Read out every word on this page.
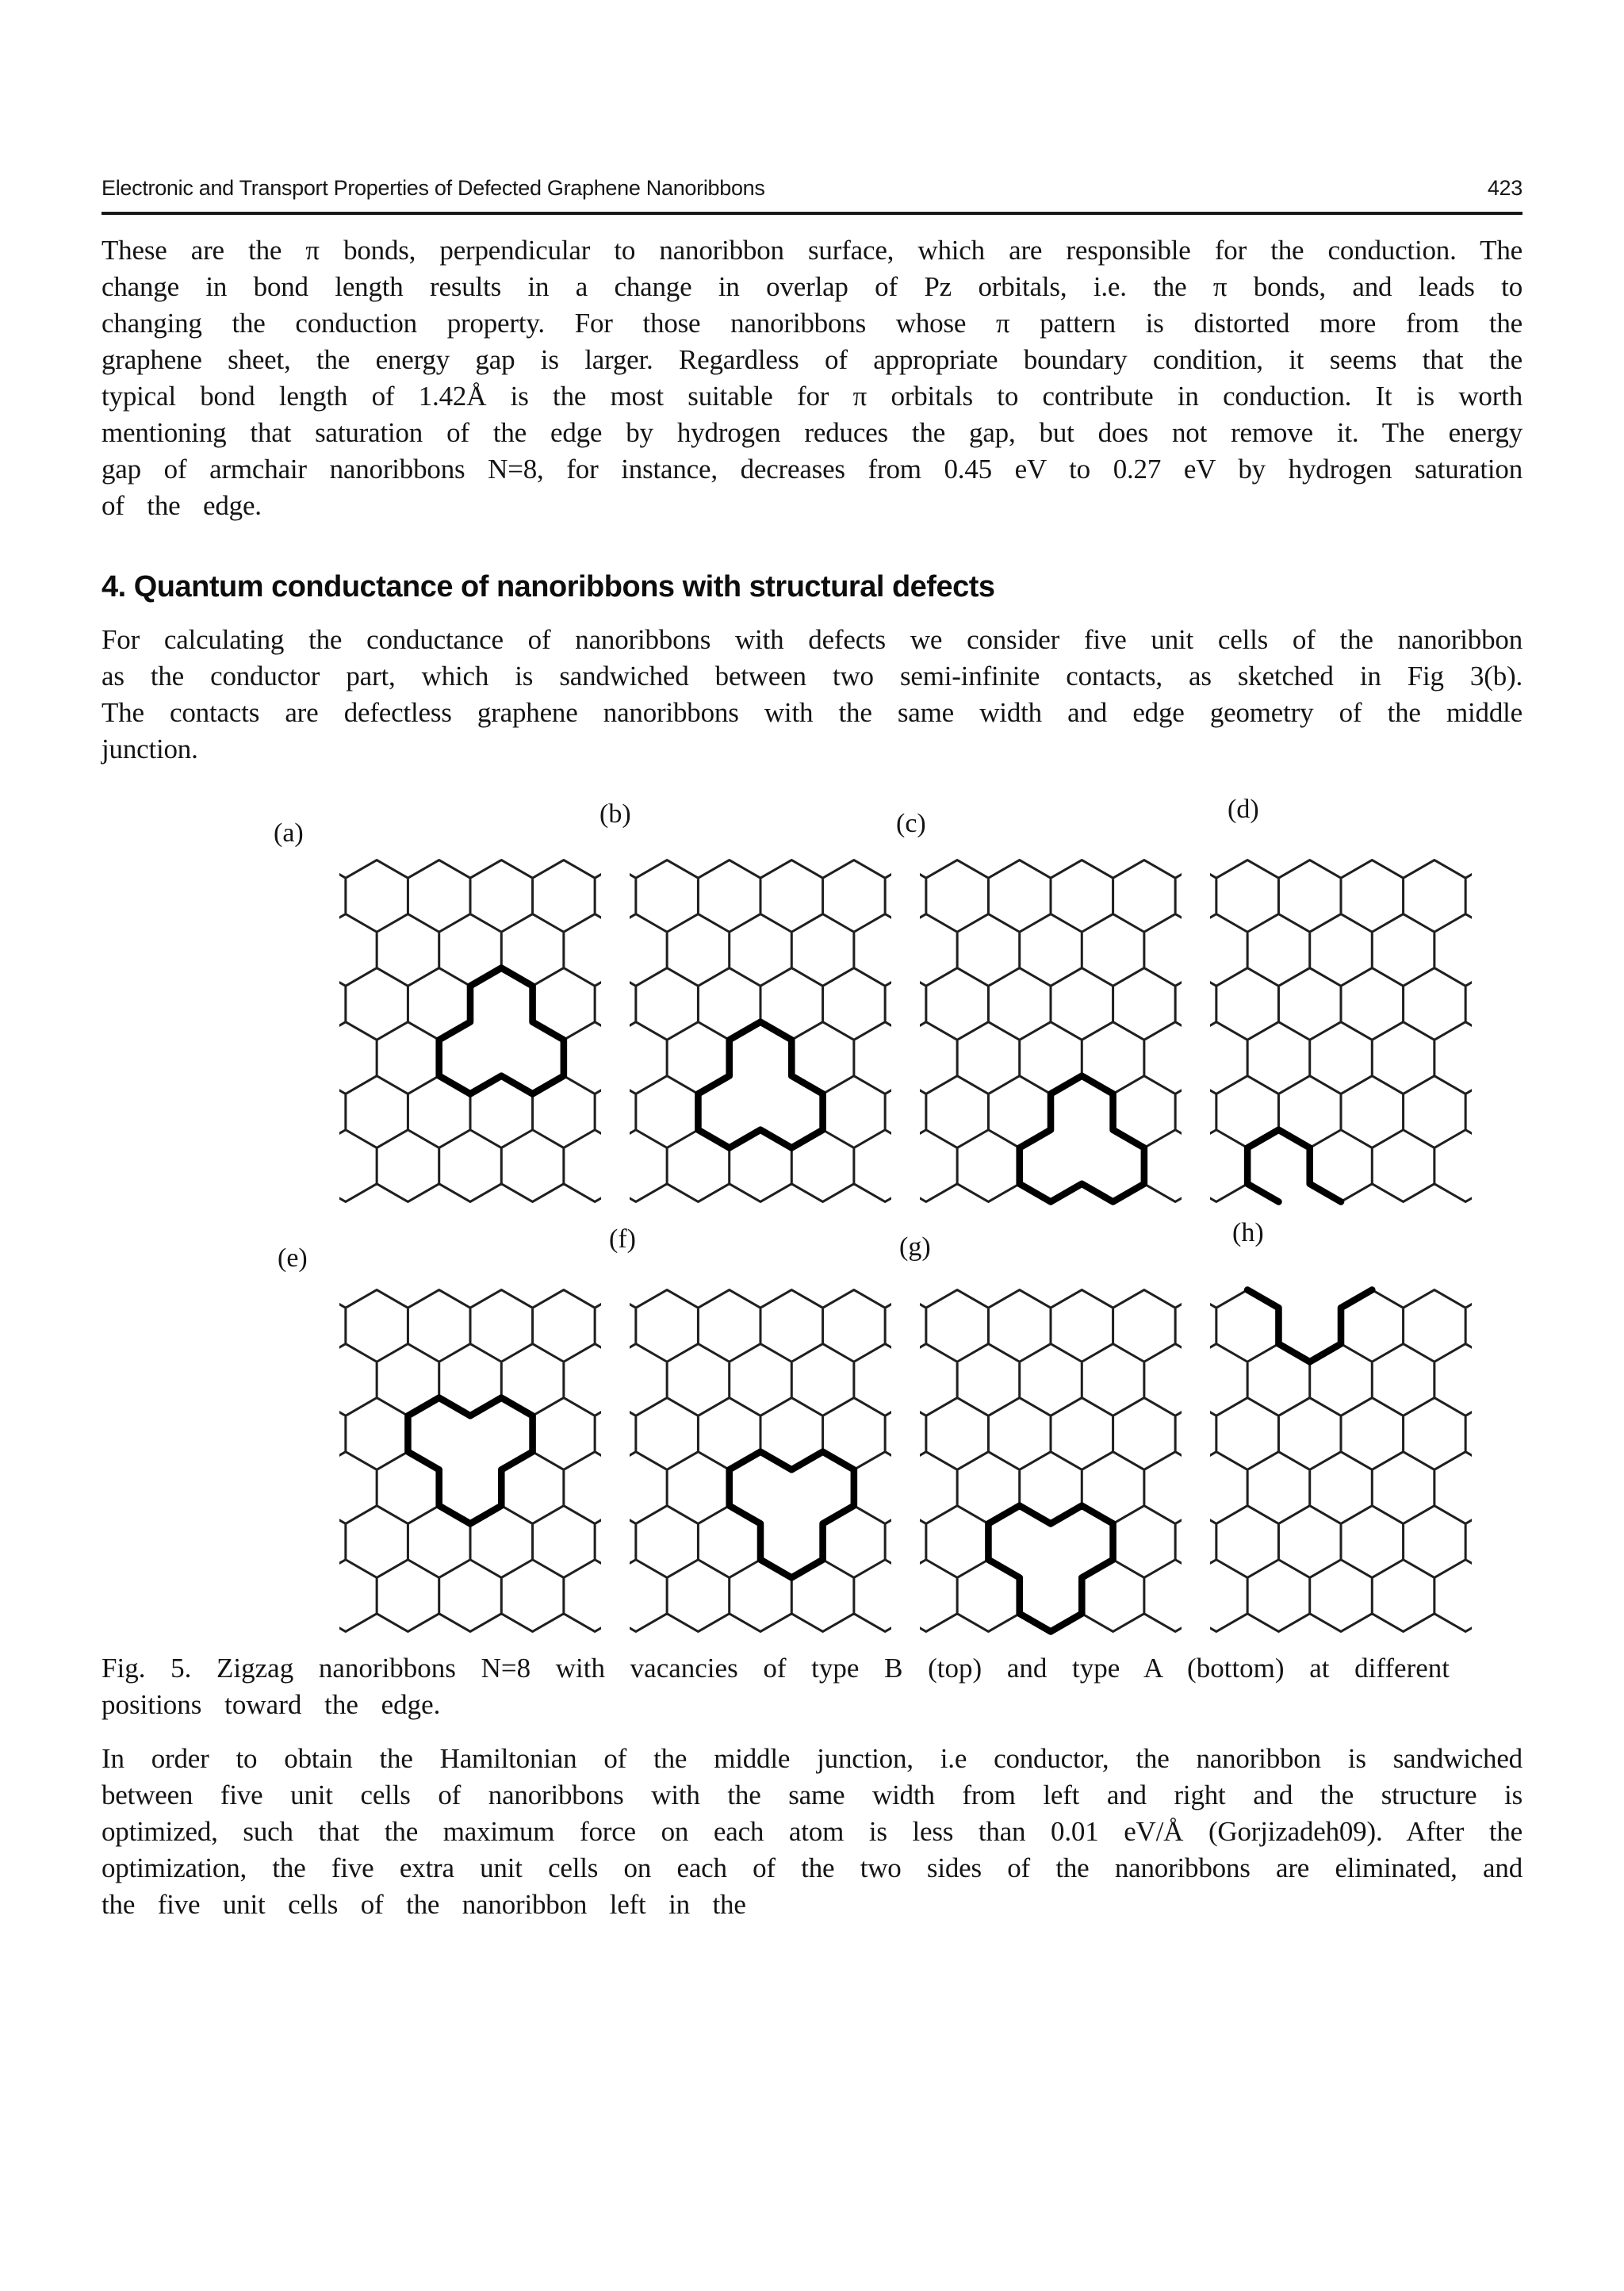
Electronic and Transport Properties of Defected Graphene Nanoribbons	423

These are the π bonds, perpendicular to nanoribbon surface, which are responsible for the conduction. The change in bond length results in a change in overlap of Pz orbitals, i.e. the π bonds, and leads to changing the conduction property. For those nanoribbons whose π pattern is distorted more from the graphene sheet, the energy gap is larger. Regardless of appropriate boundary condition, it seems that the typical bond length of 1.42Å is the most suitable for π orbitals to contribute in conduction. It is worth mentioning that saturation of the edge by hydrogen reduces the gap, but does not remove it. The energy gap of armchair nanoribbons N=8, for instance, decreases from 0.45 eV to 0.27 eV by hydrogen saturation of the edge.

4. Quantum conductance of nanoribbons with structural defects

For calculating the conductance of nanoribbons with defects we consider five unit cells of the nanoribbon as the conductor part, which is sandwiched between two semi-infinite contacts, as sketched in Fig 3(b). The contacts are defectless graphene nanoribbons with the same width and edge geometry of the middle junction.

(a)
(b)	(c)	(d)
(e)
(f)	(g)	(h)

Fig. 5. Zigzag nanoribbons N=8 with vacancies of type B (top) and type A (bottom) at different positions toward the edge.

In order to obtain the Hamiltonian of the middle junction, i.e conductor, the nanoribbon is sandwiched between five unit cells of nanoribbons with the same width from left and right and the structure is optimized, such that the maximum force on each atom is less than 0.01 eV/Å (Gorjizadeh09). After the optimization, the five extra unit cells on each of the two sides of the nanoribbons are eliminated, and the five unit cells of the nanoribbon left in the
